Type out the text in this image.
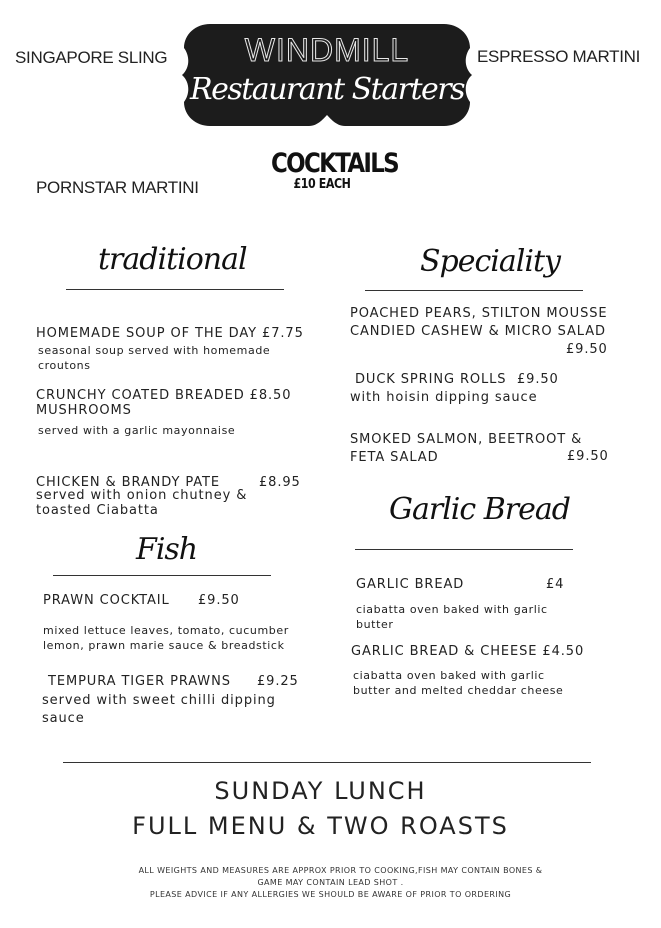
SINGAPORE SLING	ESPRESSO MARTINI
PORNSTAR MARTINI
WINDMILL
Restaurant Starters
COCKTAILS
£10 EACH
traditional
HOMEMADE SOUP OF THE DAY £7.75
seasonal soup served with homemade croutons
CRUNCHY COATED BREADED £8.50 MUSHROOMS
served with a garlic mayonnaise
CHICKEN & BRANDY PATE	£8.95
served with onion chutney & toasted Ciabatta
Fish
PRAWN COCKTAIL £9.50
mixed lettuce leaves, tomato, cucumber lemon, prawn marie sauce & breadstick
TEMPURA TIGER PRAWNS £9.25
served with sweet chilli dipping sauce
Speciality
POACHED PEARS, STILTON MOUSSE CANDIED CASHEW & MICRO SALAD
£9.50
DUCK SPRING ROLLS £9.50
with hoisin dipping sauce
SMOKED SALMON, BEETROOT & FETA SALAD	£9.50
Garlic Bread
GARLIC BREAD	£4
ciabatta oven baked with garlic butter
GARLIC BREAD & CHEESE £4.50
ciabatta oven baked with garlic butter and melted cheddar cheese
SUNDAY LUNCH
FULL MENU & TWO ROASTS
ALL WEIGHTS AND MEASURES ARE APPROX PRIOR TO COOKING,FISH MAY CONTAIN BONES &
GAME MAY CONTAIN LEAD SHOT .
PLEASE ADVICE IF ANY ALLERGIES WE SHOULD BE AWARE OF PRIOR TO ORDERING
